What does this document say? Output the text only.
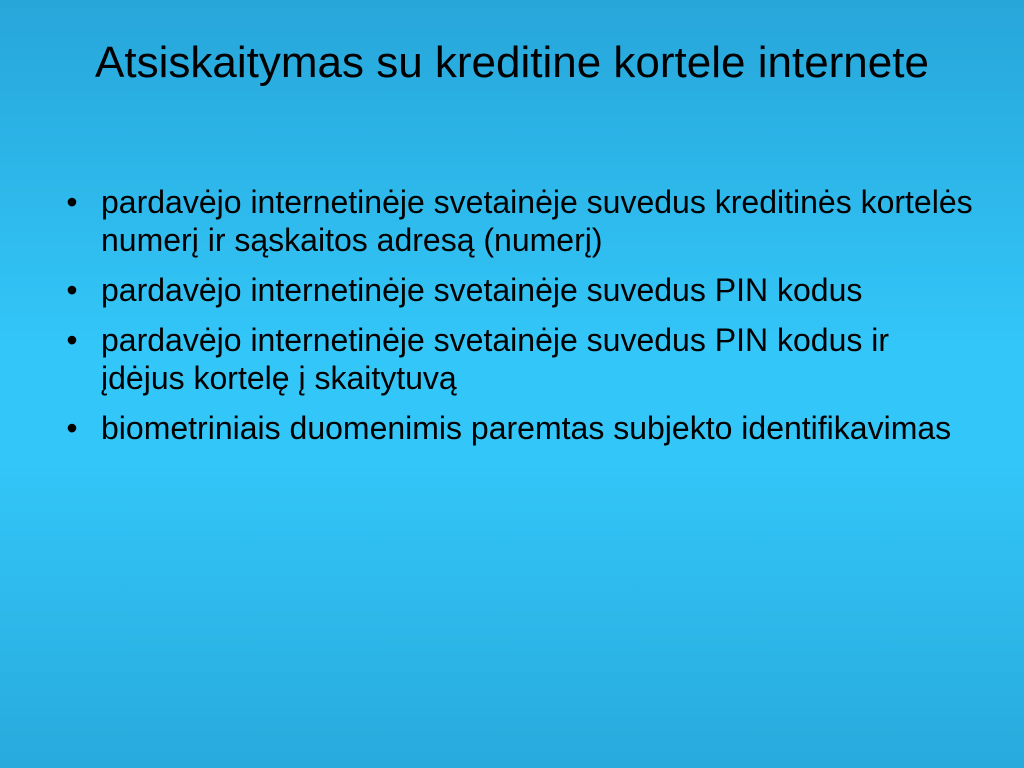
Atsiskaitymas su kreditine kortele internete
• pardavėjo internetinėje svetainėje suvedus kreditinės kortelės numerį ir sąskaitos adresą (numerį)
• pardavėjo internetinėje svetainėje suvedus PIN kodus
• pardavėjo internetinėje svetainėje suvedus PIN kodus ir įdėjus kortelę į skaitytuvą
• biometriniais duomenimis paremtas subjekto identifikavimas
